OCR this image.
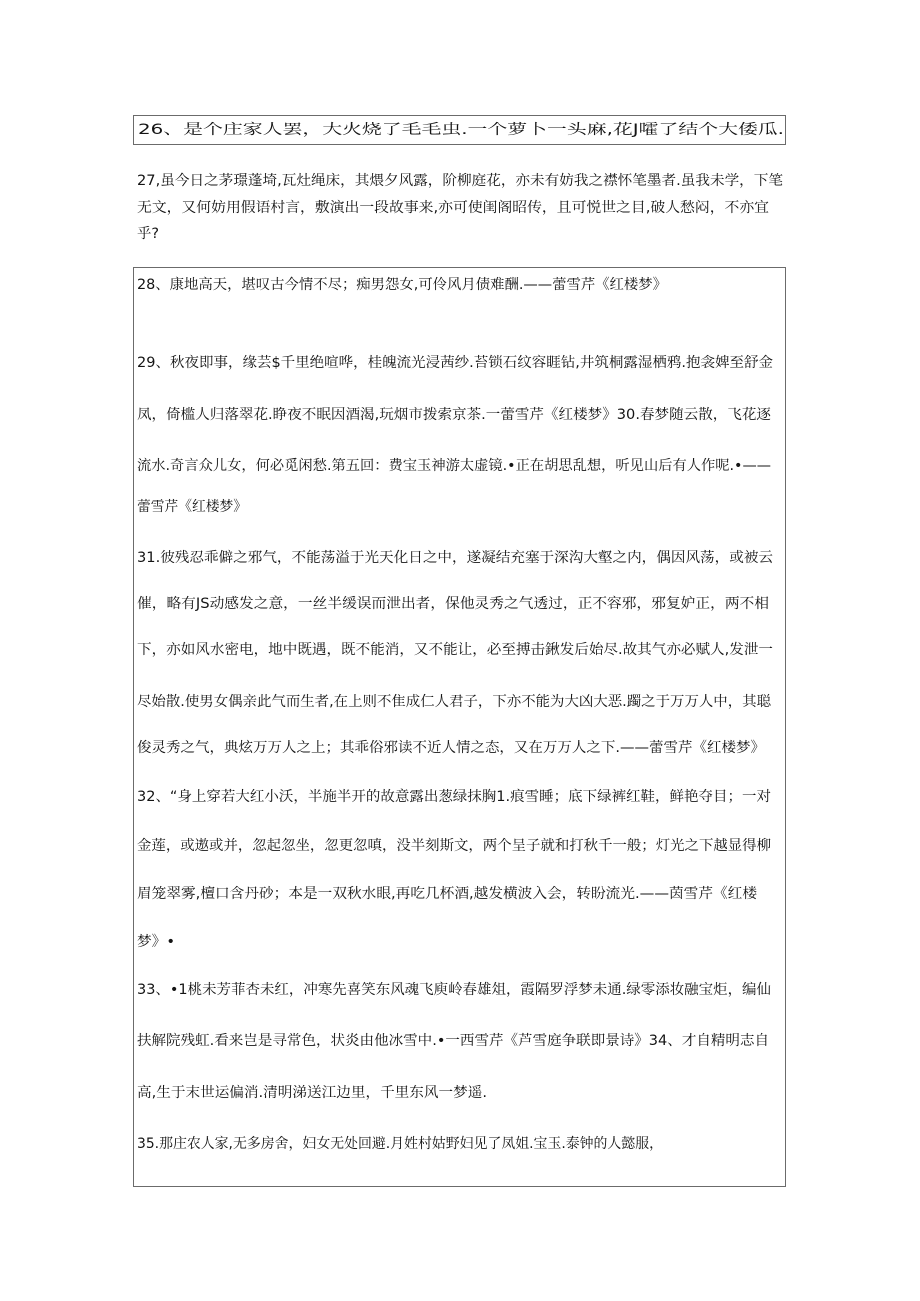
26、是个庄家人罢，大火烧了毛毛虫.一个萝卜一头麻,花J嚯了结个大倭瓜.
27,虽今日之茅璟蓬埼,瓦灶绳床，其煨夕风露，阶柳庭花，亦未有妨我之襟怀笔墨者.虽我未学，下笔
无文，又何妨用假语村言，敷演出一段故事来,亦可使闺阁昭传，且可悦世之目,破人愁闷，不亦宜
乎?
28、康地高天，堪叹古今情不尽；痴男怨女,可伶风月债难酬.——蕾雪芹《红楼梦》
29、秋夜即事，缘芸$千里绝喧哗，桂魄流光浸茜纱.苔锁石纹容睚钻,井筑桐露湿栖鸦.抱衾婢至舒金
凤，倚槛人归落翠花.睁夜不眠因酒渴,玩烟市拨索京茶.一蕾雪芹《红楼梦》30.春梦随云散，飞花逐
流水.奇言众儿女，何必觅闲愁.第五回：费宝玉神游太虚镜.•正在胡思乱想，听见山后有人作呢.•——
蕾雪芹《红楼梦》
31.彼残忍乖僻之邪气，不能荡溢于光天化日之中，遂凝结充塞于深沟大壑之内，偶因风荡，或被云
催，略有JS动感发之意，一丝半缓误而泄出者，保他灵秀之气透过，正不容邪，邪复妒正，两不相
下，亦如风水密电，地中既遇，既不能消，又不能让，必至搏击鍬发后始尽.故其气亦必赋人,发泄一
尽始散.使男女偶亲此气而生者,在上则不隹成仁人君子，下亦不能为大凶大恶.躅之于万万人中，其聪
俊灵秀之气，典炫万万人之上；其乖俗邪读不近人情之态，又在万万人之下.——蕾雪芹《红楼梦》
32、“身上穿若大红小沃，半施半开的故意露出葱绿抹胸1.痕雪睡；底下绿裤红鞋，鲜艳夺目；一对
金莲，或遨或并，忽起忽坐，忽更忽嗔，没半刻斯文，两个呈子就和打秋千一般；灯光之下越显得柳
眉笼翠雾,檀口含丹砂；本是一双秋水眼,再吃几杯酒,越发横波入会，转盼流光.——茵雪芹《红楼
梦》•
33、•1桃未芳菲杏未红，冲寒先喜笑东风魂飞庾岭春雄俎，霞隔罗浮梦未通.绿零添妆融宝炬，编仙
扶解院残虹.看来岂是寻常色，状炎由他冰雪中.•一西雪芹《芦雪庭争联即景诗》34、才自精明志自
高,生于末世运偏消.清明涕送江边里，千里东风一梦遥.
35.那庄农人家,无多房舍，妇女无处回避.月姓村姑野妇见了凤姐.宝玉.泰钟的人懿服，
